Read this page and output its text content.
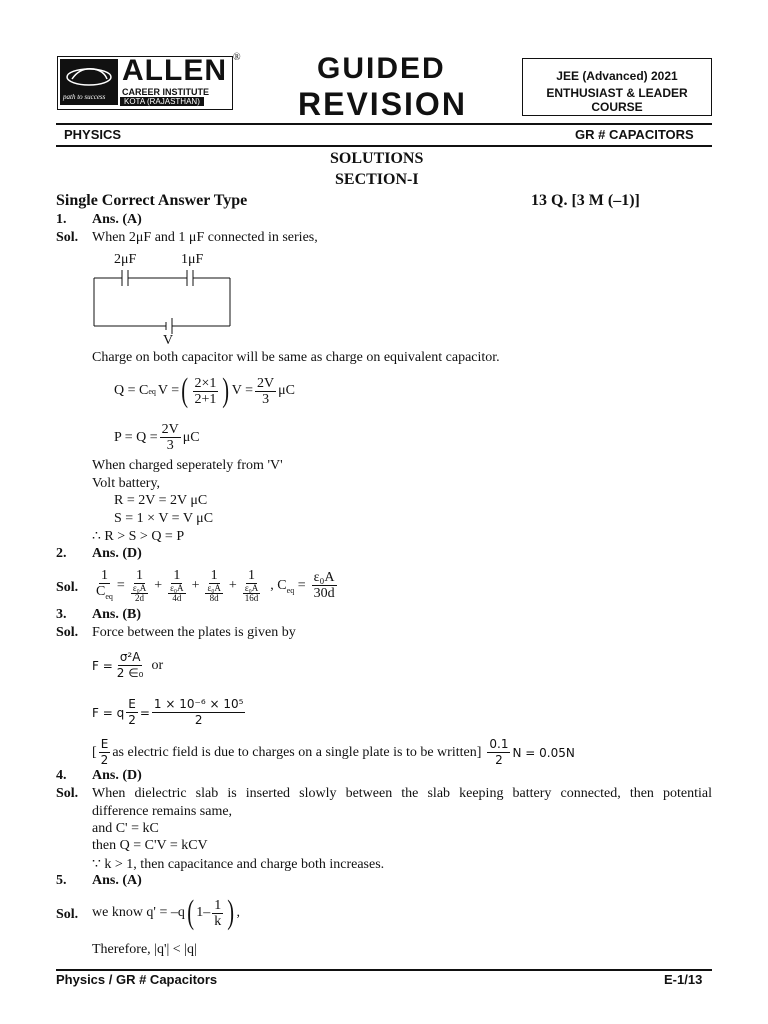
path to success
ALLEN
CAREER INSTITUTE
KOTA (RAJASTHAN)
®	GUIDED
REVISION
JEE (Advanced) 2021
ENTHUSIAST & LEADER COURSE
PHYSICS	GR # CAPACITORS
SOLUTIONS
SECTION-I
Single Correct Answer Type	13 Q. [3 M (–1)]
1. Ans. (A)
Sol. When 2μF and 1 μF connected in series,
2μF	1μF
V
Charge on both capacitor will be same as charge on equivalent capacitor.
Q = C eq V = ( $\frac{2\times 1}{2+1}$ ) $V = \frac{2V}{3}$ μC
$P = Q = \frac{2V}{3}$ μC
When charged seperately from 'V'
Volt battery,
R = 2V = 2V μC
S = 1 × V = V μC
∴ R > S > Q = P
2. Ans. (D)
Sol. $\frac{1}{C_{eq}} = \frac{1}{\frac{\text{ε₀A}}{2d}} + \frac{1}{\frac{\text{ε₀A}}{4d}} + \frac{1}{\frac{\text{ε₀A}}{8d}} + \frac{1}{\frac{\text{ε₀A}}{16d}}$ , $C_{eq} = \frac{\text{ε₀A}}{30d}$
3. Ans. (B)
Sol. Force between the plates is given by
$F = \frac{\text{σ²A}}{\text{2 ∈₀}}$ or
F = q $\frac{E}{2} = \frac{\text{1 × 10⁻⁶ × 10⁵}}{2}$
[ $\frac{E}{2}$ as electric field is due to charges on a single plate is to be written] $\frac{0.1}{2}$ N = 0.05N
4. Ans. (D)
Sol. When dielectric slab is inserted slowly between the slab keeping battery connected, then potential
difference remains same,
and C' = kC
then Q = C'V = kCV
∵ k > 1, then capacitance and charge both increases.
5. Ans. (A)
Sol. we know q' = –q ( $1- \frac{1}{k}$ ) ,
Therefore, |q'| < |q|
Physics / GR # Capacitors	E-1/13
